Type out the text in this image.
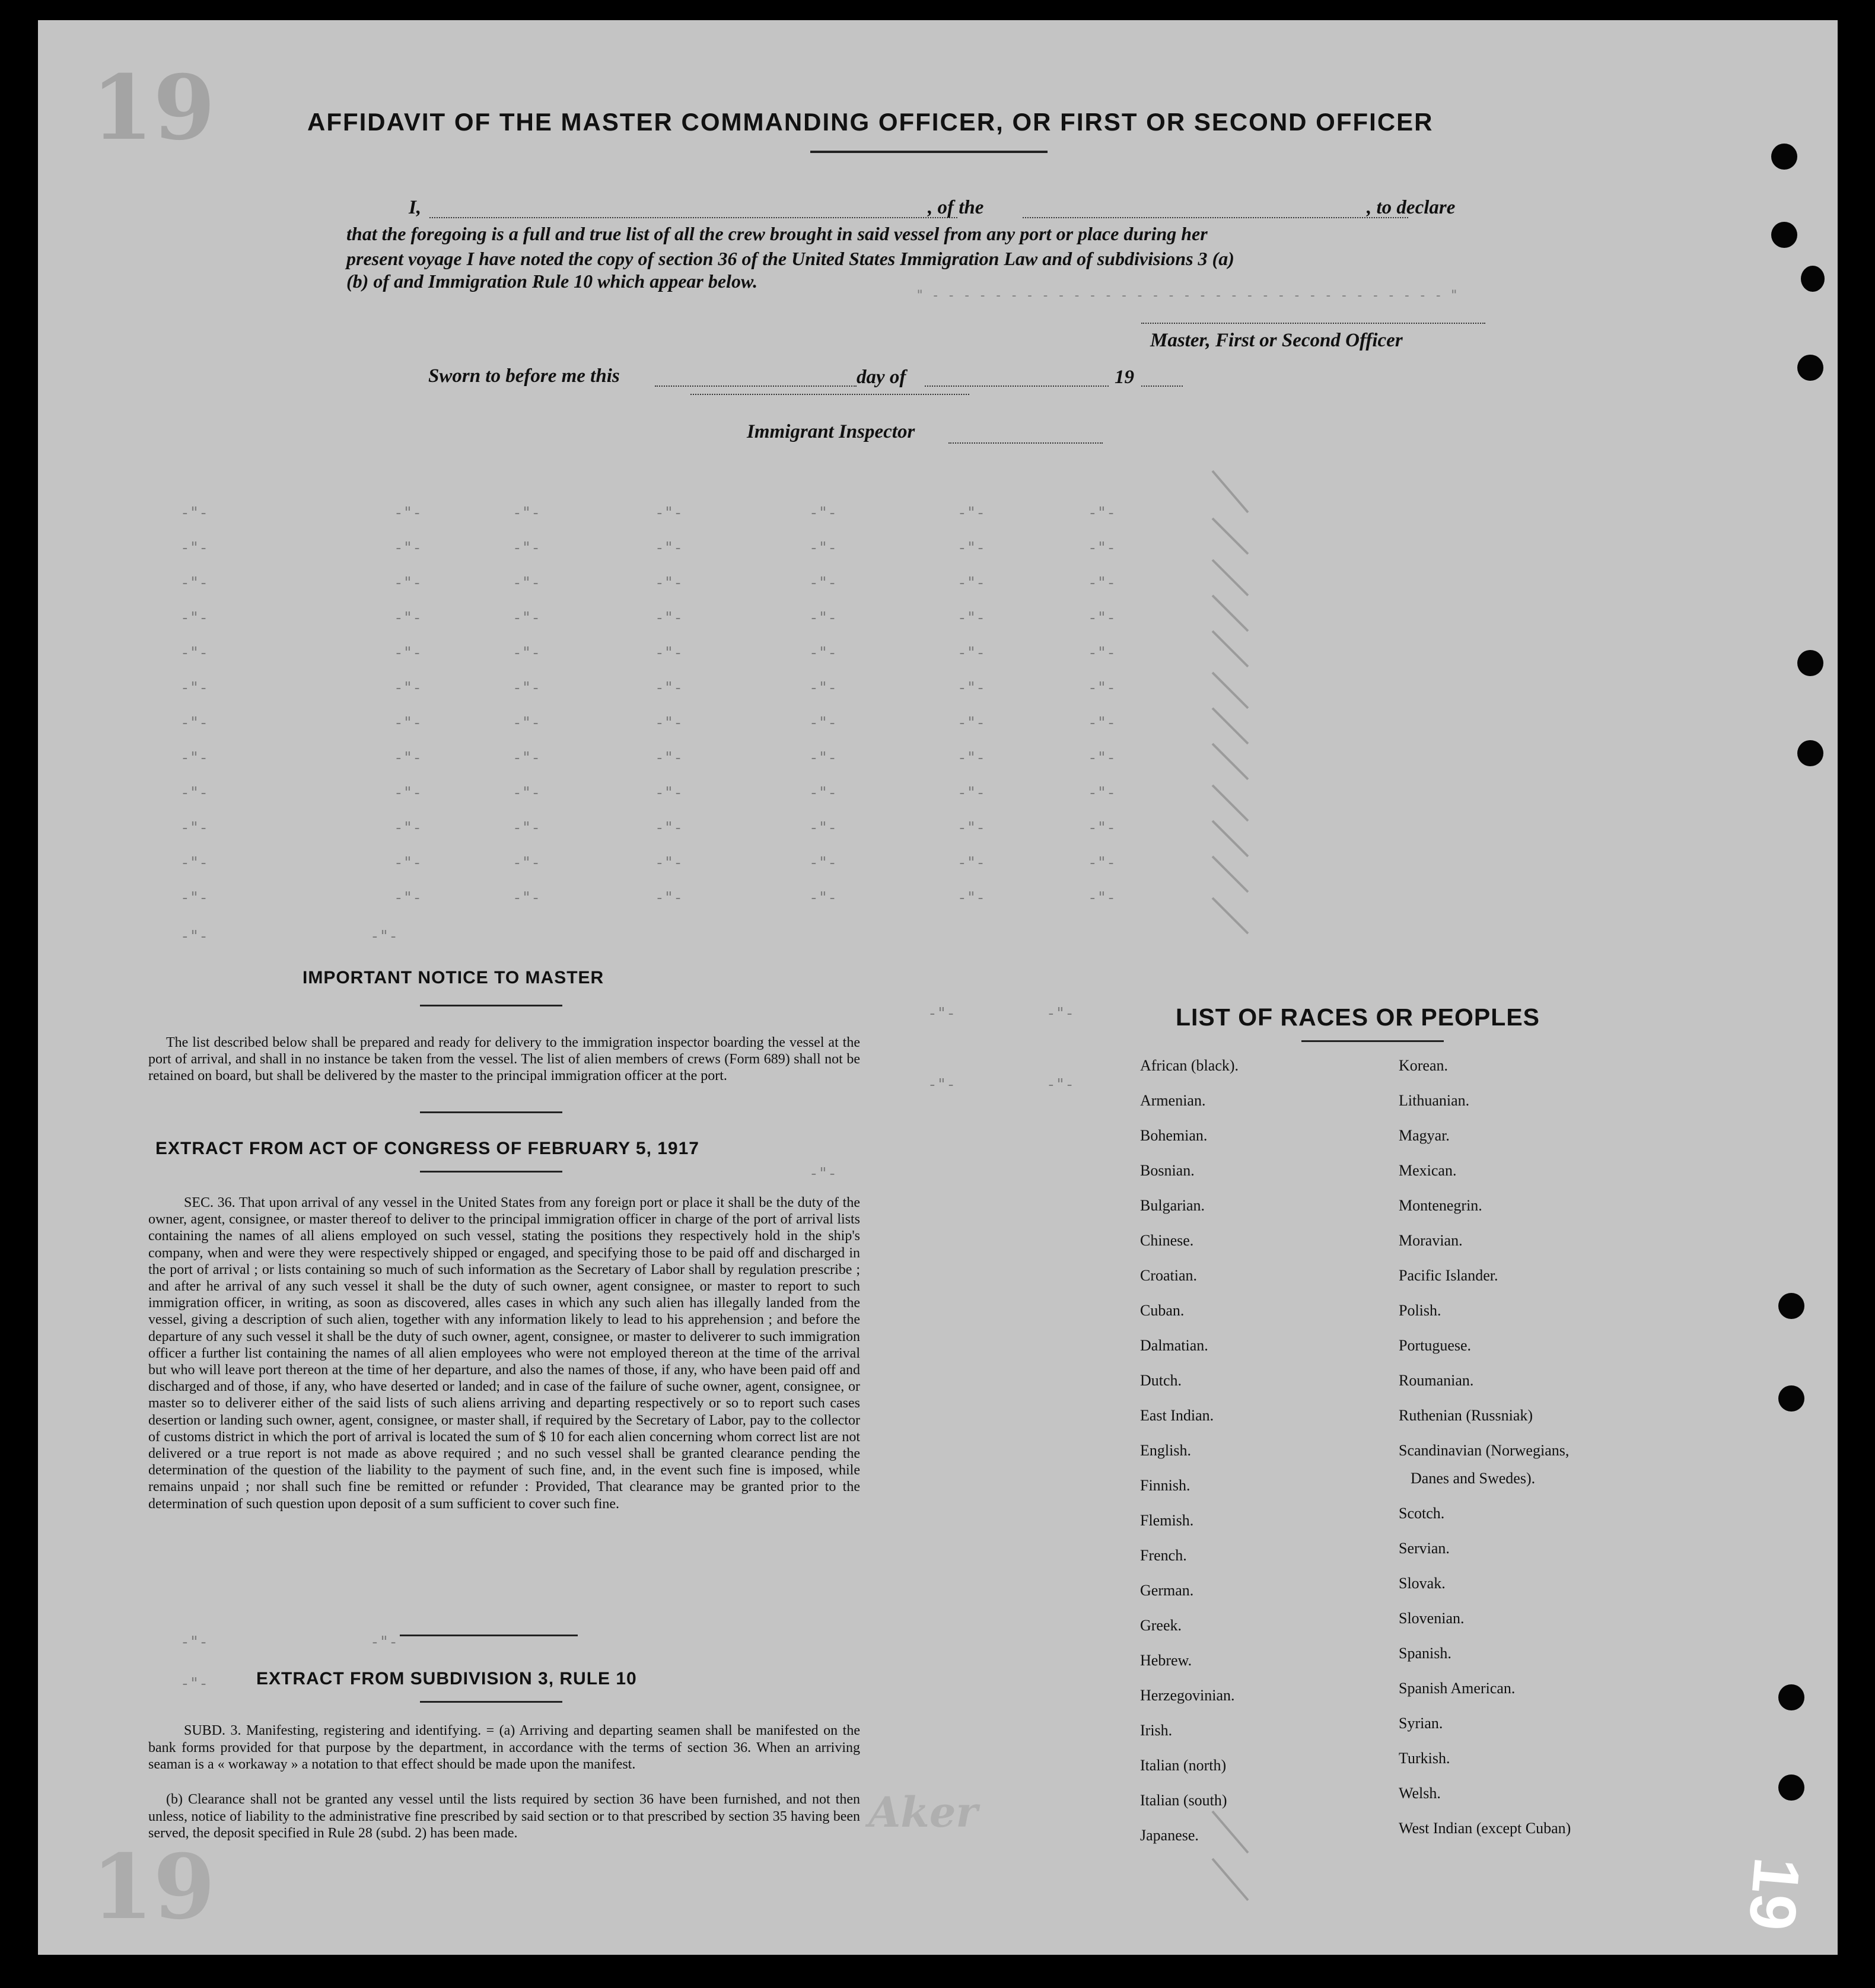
19	AFFIDAVIT OF THE MASTER COMMANDING OFFICER, OR FIRST OR SECOND OFFICER
I,	, of the	, to declare
that the foregoing is a full and true list of all the crew brought in said vessel from any port or place during her
present voyage I have noted the copy of section 36 of the United States Immigration Law and of subdivisions 3 (a)
(b) of and Immigration Rule 10 which appear below.
" - - - - - - - - - - - - - - - - - - - - - - - - - - - - - - - - - "
Master, First or Second Officer
Sworn to before me this	day of	19
Immigrant Inspector
-"-	-"-	-"-	-"-	-"-	-"-	-"-
-"-	-"-	-"-	-"-	-"-	-"-	-"-
-"-	-"-	-"-	-"-	-"-	-"-	-"-
-"-	-"-	-"-	-"-	-"-	-"-	-"-
-"-	-"-	-"-	-"-	-"-	-"-	-"-
-"-	-"-	-"-	-"-	-"-	-"-	-"-
-"-	-"-	-"-	-"-	-"-	-"-	-"-
-"-	-"-	-"-	-"-	-"-	-"-	-"-
-"-	-"-	-"-	-"-	-"-	-"-	-"-
-"-	-"-	-"-	-"-	-"-	-"-	-"-
-"-	-"-	-"-	-"-	-"-	-"-	-"-
-"-	-"-	-"-	-"-	-"-	-"-	-"-
-"-	-"-
-"-	-"-
-"-	-"-
-"-
-"-	-"-
-"-
IMPORTANT NOTICE TO MASTER
The list described below shall be prepared and ready for delivery to the immigration inspector boarding the vessel at the port of arrival, and shall in no instance be taken from the vessel. The list of alien members of crews (Form 689) shall not be retained on board, but shall be delivered by the master to the principal immigration officer at the port.
EXTRACT FROM ACT OF CONGRESS OF FEBRUARY 5, 1917
SEC. 36. That upon arrival of any vessel in the United States from any foreign port or place it shall be the duty of the owner, agent, consignee, or master thereof to deliver to the principal immigration officer in charge of the port of arrival lists containing the names of all aliens employed on such vessel, stating the positions they respectively hold in the ship's company, when and were they were respectively shipped or engaged, and specifying those to be paid off and discharged in the port of arrival ; or lists containing so much of such information as the Secretary of Labor shall by regulation prescribe ; and after he arrival of any such vessel it shall be the duty of such owner, agent consignee, or master to report to such immigration officer, in writing, as soon as discovered, alles cases in which any such alien has illegally landed from the vessel, giving a description of such alien, together with any information likely to lead to his apprehension ; and before the departure of any such vessel it shall be the duty of such owner, agent, consignee, or master to deliverer to such immigration officer a further list containing the names of all alien employees who were not employed thereon at the time of the arrival but who will leave port thereon at the time of her departure, and also the names of those, if any, who have been paid off and discharged and of those, if any, who have deserted or landed; and in case of the failure of suche owner, agent, consignee, or master so to deliverer either of the said lists of such aliens arriving and departing respectively or so to report such cases desertion or landing such owner, agent, consignee, or master shall, if required by the Secretary of Labor, pay to the collector of customs district in which the port of arrival is located the sum of $ 10 for each alien concerning whom correct list are not delivered or a true report is not made as above required ; and no such vessel shall be granted clearance pending the determination of the question of the liability to the payment of such fine, and, in the event such fine is imposed, while remains unpaid ; nor shall such fine be remitted or refunder : Provided, That clearance may be granted prior to the determination of such question upon deposit of a sum sufficient to cover such fine.
EXTRACT FROM SUBDIVISION 3, RULE 10
SUBD. 3. Manifesting, registering and identifying. = (a) Arriving and departing seamen shall be manifested on the bank forms provided for that purpose by the department, in accordance with the terms of section 36. When an arriving seaman is a « workaway » a notation to that effect should be made upon the manifest.
(b) Clearance shall not be granted any vessel until the lists required by section 36 have been furnished, and not then unless, notice of liability to the administrative fine prescribed by said section or to that prescribed by section 35 having been served, the deposit specified in Rule 28 (subd. 2) has been made.
LIST OF RACES OR PEOPLES
African (black).
Armenian.
Bohemian.
Bosnian.
Bulgarian.
Chinese.
Croatian.
Cuban.
Dalmatian.
Dutch.
East Indian.
English.
Finnish.
Flemish.
French.
German.
Greek.
Hebrew.
Herzegovinian.
Irish.
Italian (north)
Italian (south)
Japanese.
Korean.
Lithuanian.
Magyar.
Mexican.
Montenegrin.
Moravian.
Pacific Islander.
Polish.
Portuguese.
Roumanian.
Ruthenian (Russniak)
Scandinavian (Norwegians,
Danes and Swedes).
Scotch.
Servian.
Slovak.
Slovenian.
Spanish.
Spanish American.
Syrian.
Turkish.
Welsh.
West Indian (except Cuban)
Aker
19	19
